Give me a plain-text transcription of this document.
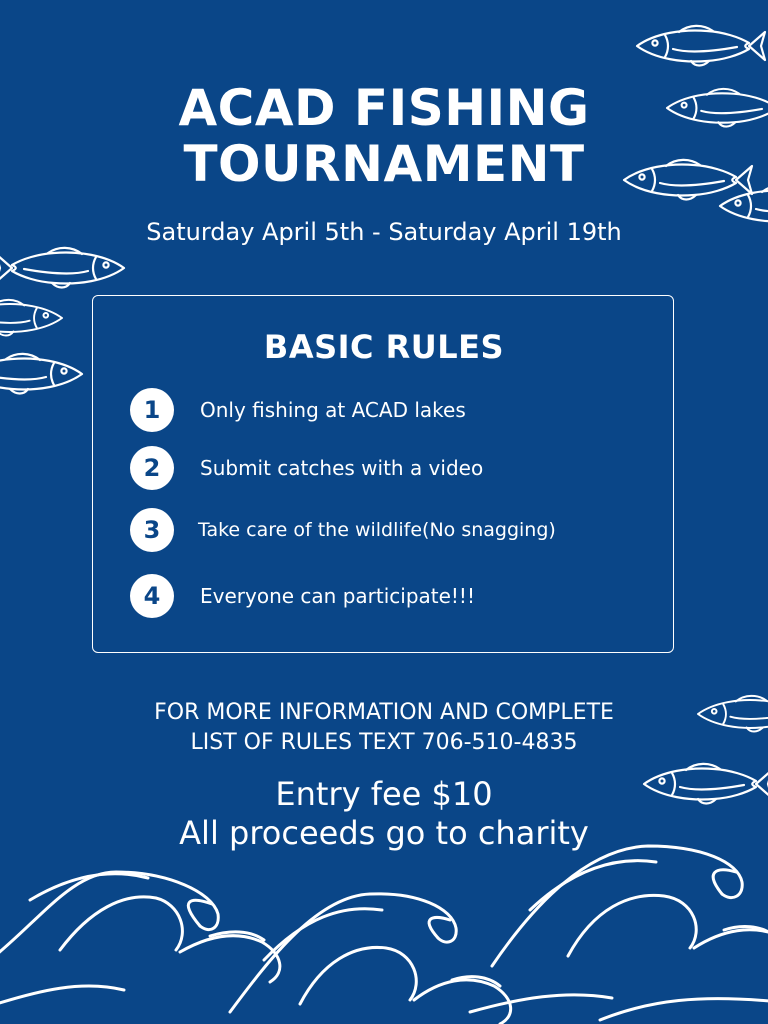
ACAD FISHING
TOURNAMENT
Saturday April 5th - Saturday April 19th
BASIC RULES
1	Only fishing at ACAD lakes
2	Submit catches with a video
3	Take care of the wildlife(No snagging)
4	Everyone can participate!!!
FOR MORE INFORMATION AND COMPLETE
LIST OF RULES TEXT 706-510-4835
Entry fee $10
All proceeds go to charity
